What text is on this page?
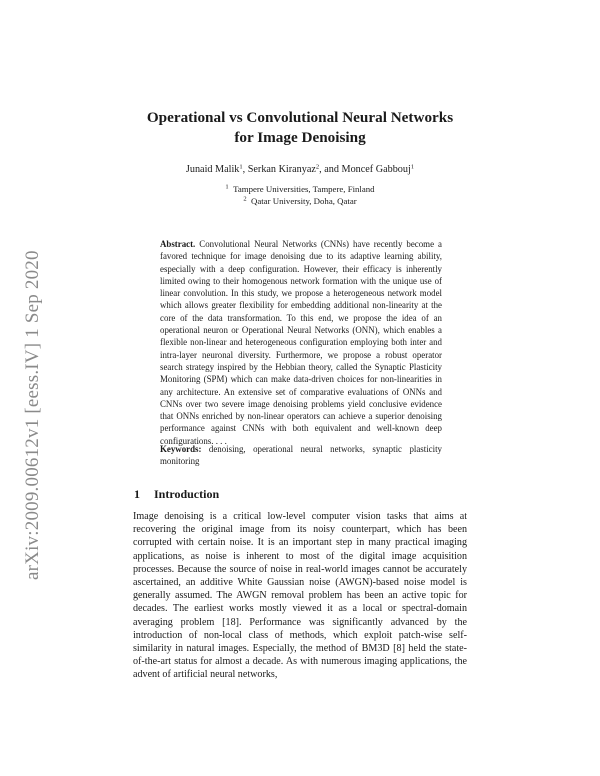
arXiv:2009.00612v1 [eess.IV] 1 Sep 2020
Operational vs Convolutional Neural Networks
for Image Denoising
Junaid Malik$^1$, Serkan Kiranyaz$^2$, and Moncef Gabbouj$^1$
$^1$ Tampere Universities, Tampere, Finland
$^2$ Qatar University, Doha, Qatar
Abstract. Convolutional Neural Networks (CNNs) have recently become a favored technique for image denoising due to its adaptive learning ability, especially with a deep configuration. However, their efficacy is inherently limited owing to their homogenous network formation with the unique use of linear convolution. In this study, we propose a heterogeneous network model which allows greater flexibility for embedding additional non-linearity at the core of the data transformation. To this end, we propose the idea of an operational neuron or Operational Neural Networks (ONN), which enables a flexible non-linear and heterogeneous configuration employing both inter and intra-layer neuronal diversity. Furthermore, we propose a robust operator search strategy inspired by the Hebbian theory, called the Synaptic Plasticity Monitoring (SPM) which can make data-driven choices for non-linearities in any architecture. An extensive set of comparative evaluations of ONNs and CNNs over two severe image denoising problems yield conclusive evidence that ONNs enriched by non-linear operators can achieve a superior denoising performance against CNNs with both equivalent and well-known deep configurations. . . .
Keywords: denoising, operational neural networks, synaptic plasticity monitoring
1 Introduction
Image denoising is a critical low-level computer vision tasks that aims at recovering the original image from its noisy counterpart, which has been corrupted with certain noise. It is an important step in many practical imaging applications, as noise is inherent to most of the digital image acquisition processes. Because the source of noise in real-world images cannot be accurately ascertained, an additive White Gaussian noise (AWGN)-based noise model is generally assumed. The AWGN removal problem has been an active topic for decades. The earliest works mostly viewed it as a local or spectral-domain averaging problem [18]. Performance was significantly advanced by the introduction of non-local class of methods, which exploit patch-wise self-similarity in natural images. Especially, the method of BM3D [8] held the state-of-the-art status for almost a decade. As with numerous imaging applications, the advent of artificial neural networks,
